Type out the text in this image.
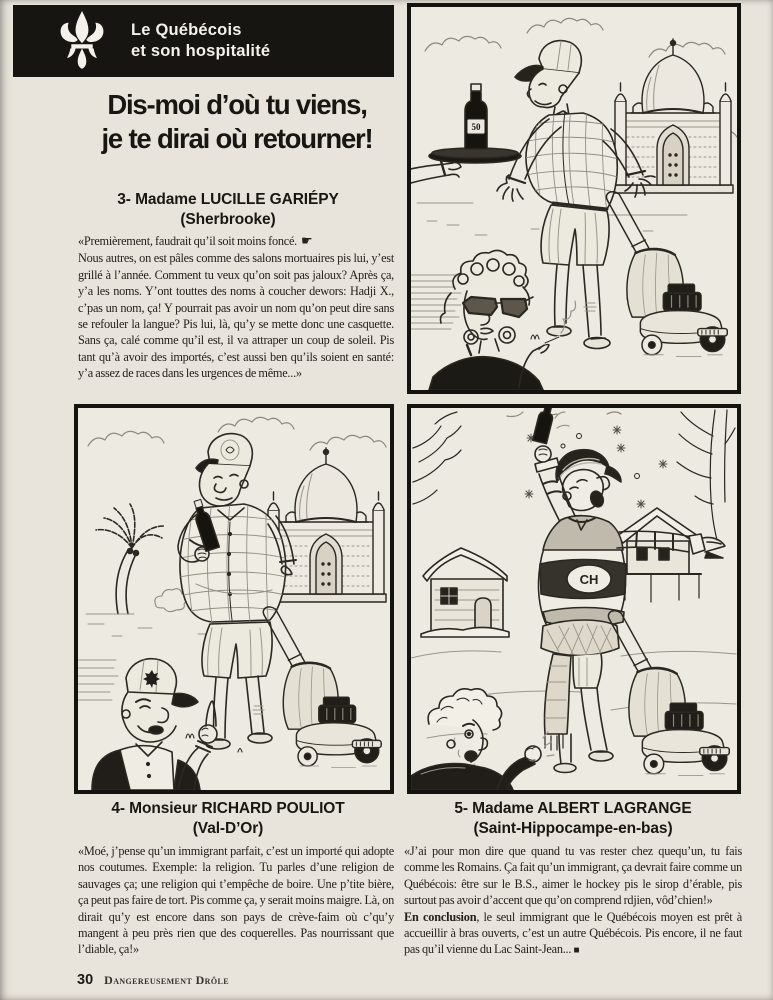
Le Québécois
et son hospitalité
Dis-moi d’où tu viens,
je te dirai où retourner!
3- Madame LUCILLE GARIÉPY
(Sherbrooke)
«Premièrement, faudrait qu’il soit moins foncé. ☛
Nous autres, on est pâles comme des salons mortuaires pis lui, y’est grillé à l’année. Comment tu veux qu’on soit pas jaloux? Après ça, y’a les noms. Y’ont touttes des noms à coucher dewors: Hadji X., c’pas un nom, ça! Y pourrait pas avoir un nom qu’on peut dire sans se refouler la langue? Pis lui, là, qu’y se mette donc une casquette. Sans ça, calé comme qu’il est, il va attraper un coup de soleil. Pis tant qu’à avoir des importés, c’est aussi ben qu’ils soient en santé: y’a assez de races dans les urgences de même...»
50
CH
4- Monsieur RICHARD POULIOT
(Val-D’Or)
«Moé, j’pense qu’un immigrant parfait, c’est un importé qui adopte nos coutumes. Exemple: la religion. Tu parles d’une religion de sauvages ça; une religion qui t’empêche de boire. Une p’tite bière, ça peut pas faire de tort. Pis comme ça, y serait moins maigre. Là, on dirait qu’y est encore dans son pays de crève-faim où c’qu’y mangent à peu près rien que des coquerelles. Pas nourrissant que l’diable, ça!»
5- Madame ALBERT LAGRANGE
(Saint-Hippocampe-en-bas)
«J’ai pour mon dire que quand tu vas rester chez quequ’un, tu fais comme les Romains. Ça fait qu’un immigrant, ça devrait faire comme un Québécois: être sur le B.S., aimer le hockey pis le sirop d’érable, pis surtout pas avoir d’accent que qu’on comprend rdjien, vôd’chien!»
En conclusion, le seul immigrant que le Québécois moyen est prêt à accueillir à bras ouverts, c’est un autre Québécois. Pis encore, il ne faut pas qu’il vienne du Lac Saint-Jean... ■
30 Dangereusement Drôle
